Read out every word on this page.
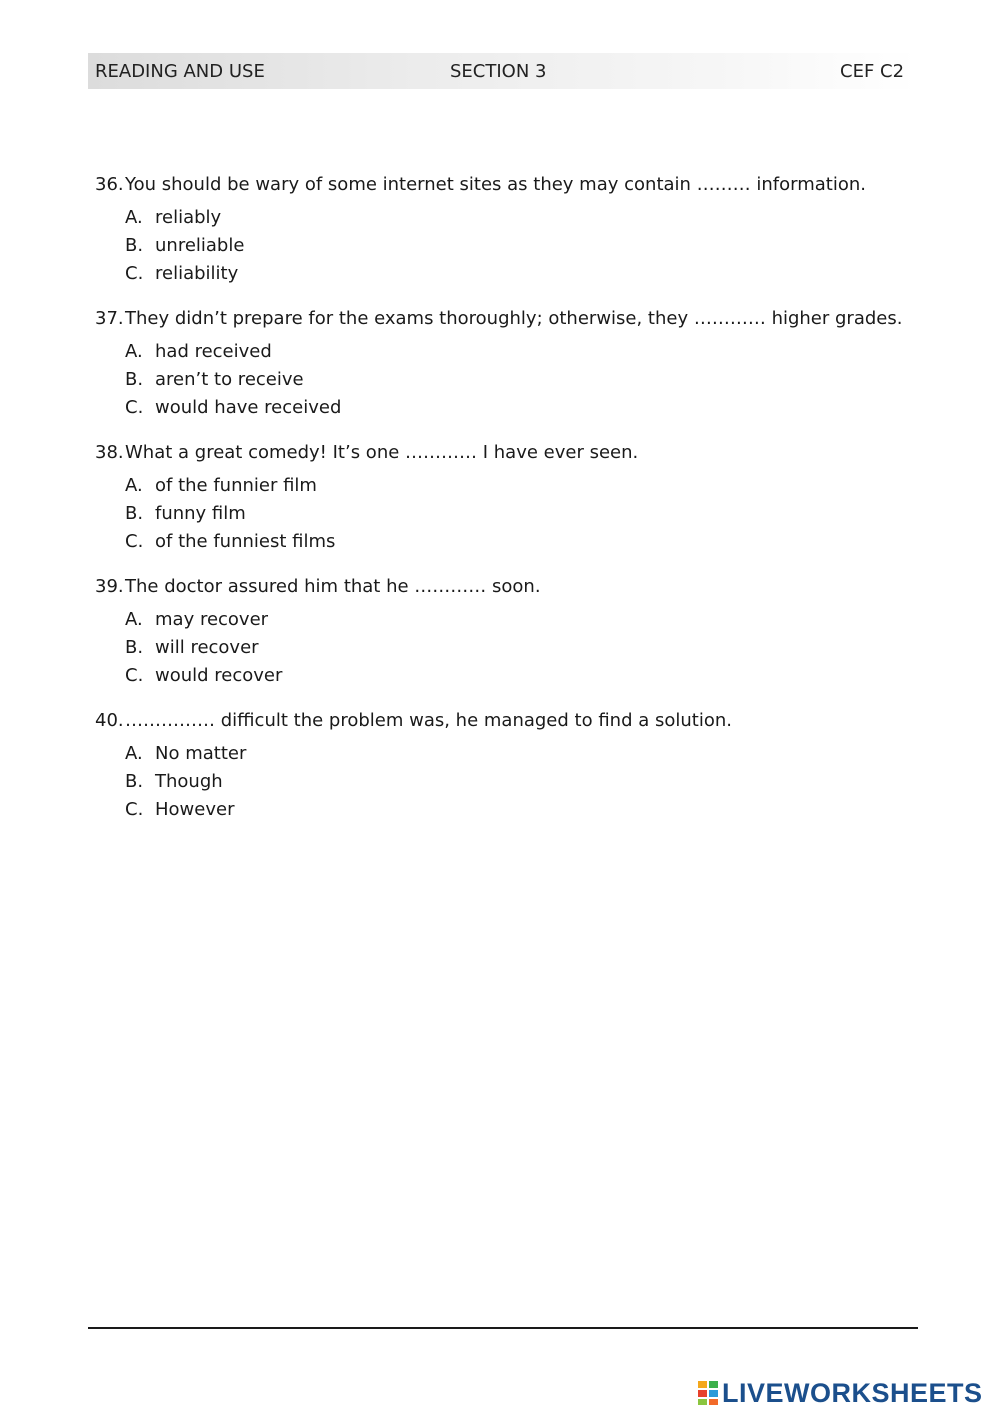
READING AND USE	SECTION 3	CEF C2

36.You should be wary of some internet sites as they may contain ……… information.

A. reliably
B. unreliable
C. reliability

37.They didn’t prepare for the exams thoroughly; otherwise, they ………… higher grades.

A. had received
B. aren’t to receive
C. would have received

38.What a great comedy! It’s one ………… I have ever seen.

A. of the funnier film
B. funny film
C. of the funniest films

39.The doctor assured him that he ………… soon.

A. may recover
B. will recover
C. would recover

40.…………… difficult the problem was, he managed to find a solution.

A. No matter
B. Though
C. However
LIVEWORKSHEETS
